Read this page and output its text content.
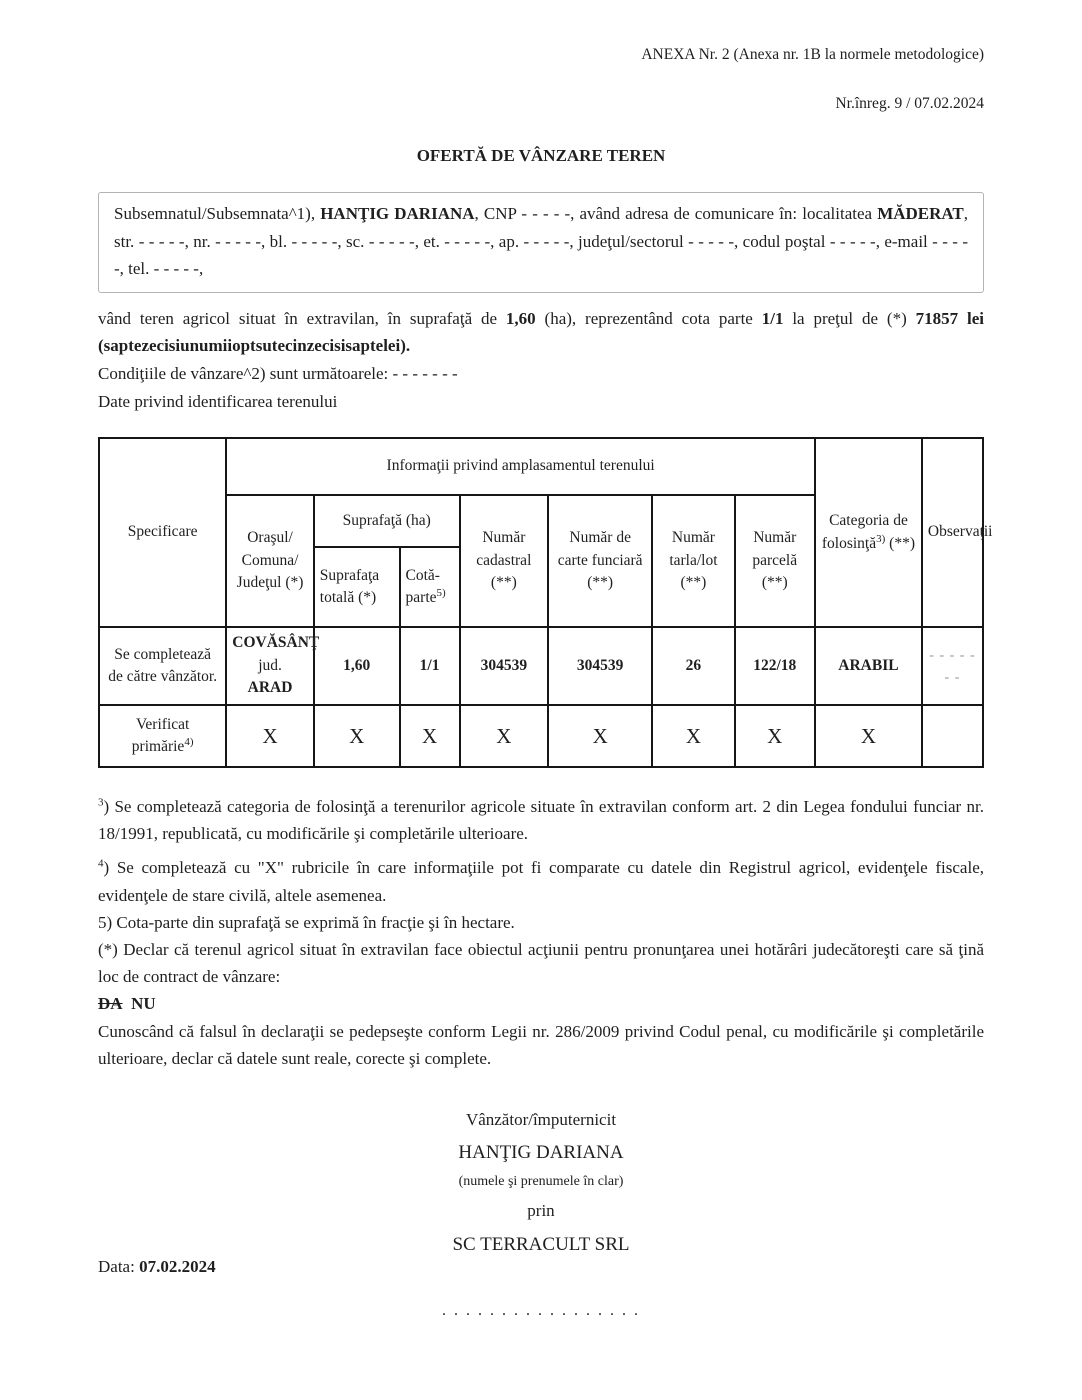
ANEXA Nr. 2 (Anexa nr. 1B la normele metodologice)
Nr.înreg. 9 / 07.02.2024
OFERTĂ DE VÂNZARE TEREN
Subsemnatul/Subsemnata^1), HANŢIG DARIANA, CNP - - - - -, având adresa de comunicare în: localitatea MĂDERAT, str. - - - - -, nr. - - - - -, bl. - - - - -, sc. - - - - -, et. - - - - -, ap. - - - - -, judeţul/sectorul - - - - -, codul poştal - - - - -, e-mail - - - - -, tel. - - - - -,

vând teren agricol situat în extravilan, în suprafaţă de 1,60 (ha), reprezentând cota parte 1/1 la preţul de (*) 71857 lei (saptezecisiunumiioptsutecinzecisisaptelei).

Condiţiile de vânzare^2) sunt următoarele: - - - - - - -

Date privind identificarea terenului

Specificare	Informaţii privind amplasamentul terenului							Categoria de
folosinţă$^{3)}$ (**)	Observaţii

	Oraşul/
Comuna/
Judeţul (*)	Suprafaţă (ha)		Număr cadastral (**)	Număr de carte funciară (**)	Număr tarla/lot (**)	Număr parcelă (**)		
		Suprafaţa totală (*)	Cotă-
parte$^{5)}$

Se completează de către vânzător.	COVĂSÂNŢ
jud.
ARAD	1,60	1/1	304539	304539	26	122/18	ARABIL	- - - - - - -
Verificat primărie$^{4)}$	X	X	X	X	X	X	X	X	

$^3$) Se completează categoria de folosinţă a terenurilor agricole situate în extravilan conform art. 2 din Legea fondului funciar nr. 18/1991, republicată, cu modificările şi completările ulterioare.

$^4$) Se completează cu "X" rubricile în care informaţiile pot fi comparate cu datele din Registrul agricol, evidenţele fiscale, evidenţele de stare civilă, altele asemenea.

5) Cota-parte din suprafaţă se exprimă în fracţie şi în hectare.

(*) Declar că terenul agricol situat în extravilan face obiectul acţiunii pentru pronunţarea unei hotărâri judecătoreşti care să ţină loc de contract de vânzare:

DA NU

Cunoscând că falsul în declaraţii se pedepseşte conform Legii nr. 286/2009 privind Codul penal, cu modificările şi completările ulterioare, declar că datele sunt reale, corecte şi complete.

Vânzător/împuternicit
HANŢIG DARIANA
(numele şi prenumele în clar)
prin
SC TERRACULT SRL
. . . . . . . . . . . . . . . . .
Data: 07.02.2024
